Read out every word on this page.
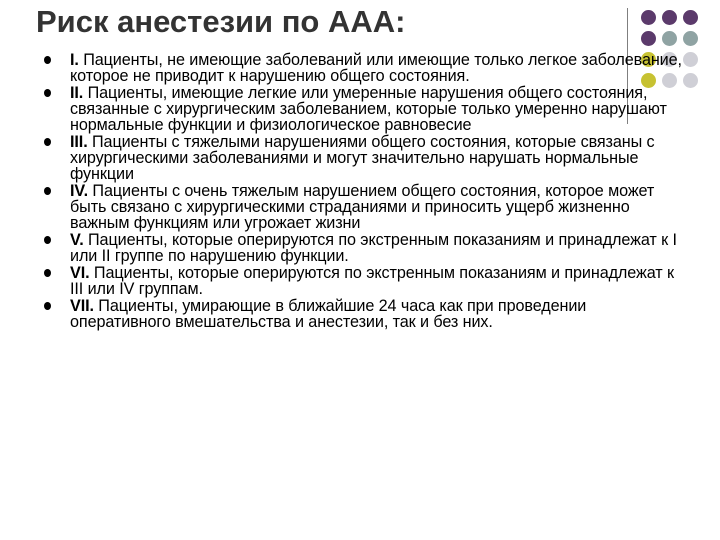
Риск анестезии по ААА:
I. Пациенты, не имеющие заболеваний или имеющие только легкое заболевание, которое не приводит к нарушению общего состояния.
II. Пациенты, имеющие легкие или умеренные нарушения общего состояния, связанные с хирургическим заболеванием, которые только умеренно нарушают нормальные функции и физиологическое равновесие
III. Пациенты с тяжелыми нарушениями общего состояния, которые связаны с хирургическими заболеваниями и могут значительно нарушать нормальные функции
IV. Пациенты с очень тяжелым нарушением общего состояния, которое может быть связано с хирургическими страданиями и приносить ущерб жизненно важным функциям или угрожает жизни
V. Пациенты, которые оперируются по экстренным показаниям и принадлежат к I или II группе по нарушению функции.
VI. Пациенты, которые оперируются по экстренным показаниям и принадлежат к III или IV группам.
VII. Пациенты, умирающие в ближайшие 24 часа как при проведении оперативного вмешательства и анестезии, так и без них.
